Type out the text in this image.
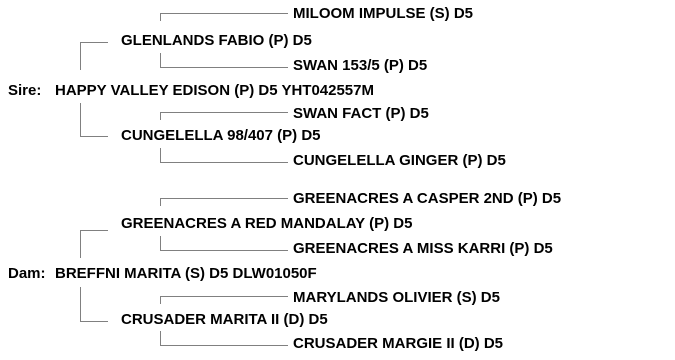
MILOOM IMPULSE (S) D5
GLENLANDS FABIO (P) D5
SWAN 153/5 (P) D5
Sire: HAPPY VALLEY EDISON (P) D5 YHT042557M
SWAN FACT (P) D5
CUNGELELLA 98/407 (P) D5
CUNGELELLA GINGER (P) D5
GREENACRES A CASPER 2ND (P) D5
GREENACRES A RED MANDALAY (P) D5
GREENACRES A MISS KARRI (P) D5
Dam: BREFFNI MARITA (S) D5 DLW01050F
MARYLANDS OLIVIER (S) D5
CRUSADER MARITA II (D) D5
CRUSADER MARGIE II (D) D5
